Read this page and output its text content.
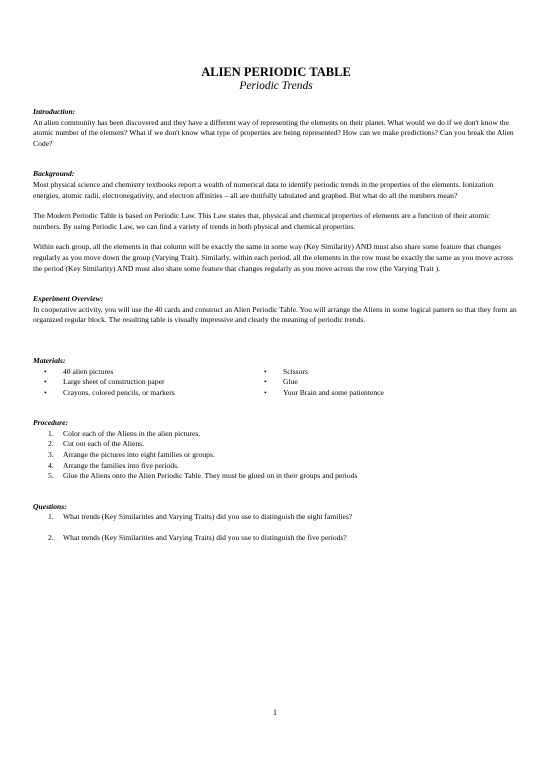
ALIEN PERIODIC TABLE
Periodic Trends
Introduction:

An alien community has been discovered and they have a different way of representing the elements on their planet. What would we do if we don't know the atomic number of the element? What if we don't know what type of properties are being represented? How can we make predictions? Can you break the Alien Code?

Background:

Most physical science and chemistry textbooks report a wealth of numerical data to identify periodic trends in the properties of the elements. Ionization energies, atomic radii, electronegativity, and electron affinities – all are dutifully tabulated and graphed. But what do all the numbers mean?

The Modern Periodic Table is based on Periodic Law. This Law states that, physical and chemical properties of elements are a function of their atomic numbers. By using Periodic Law, we can find a variety of trends in both physical and chemical properties.

Within each group, all the elements in that column will be exactly the same in some way (Key Similarity) AND must also share some feature that changes regularly as you move down the group (Varying Trait). Similarly, within each period, all the elements in the row must be exactly the same as you move across the period (Key Similarity) AND must also share some feature that changes regularly as you move across the row (the Varying Trait ).

Experiment Overview:

In cooperative activity, you will use the 40 cards and construct an Alien Periodic Table. You will arrange the Aliens in some logical pattern so that they form an organized regular block. The resulting table is visually impressive and clearly the meaning of periodic trends.

Materials:
• 40 alien pictures	• Scissors
• Large sheet of construction paper	• Glue
• Crayons, colored pencils, or markers	• Your Brain and some patientence
Procedure:
1. Color each of the Aliens in the alien pictures.
2. Cut out each of the Aliens.
3. Arrange the pictures into eight families or groups.
4. Arrange the families into five periods.
5. Glue the Aliens onto the Alien Periodic Table. They must be glued on in their groups and periods
Questions:
1. What trends (Key Similarities and Varying Traits) did you use to distinguish the eight families?
2. What trends (Key Similarities and Varying Traits) did you use to distinguish the five periods?
1
